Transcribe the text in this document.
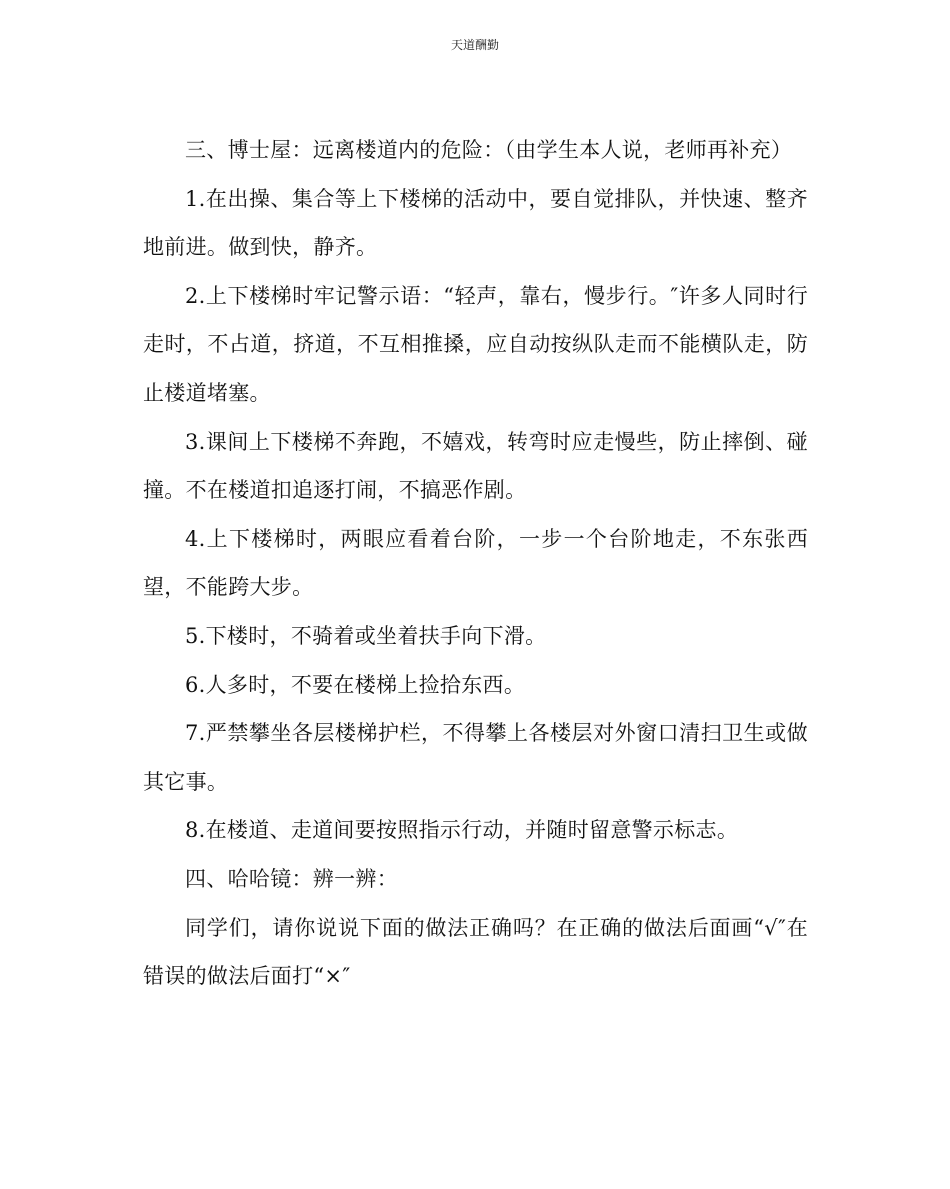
天道酬勤

三、博士屋：远离楼道内的危险：（由学生本人说，老师再补充）

1.在出操、集合等上下楼梯的活动中，要自觉排队，并快速、整齐地前进。做到快，静齐。

2.上下楼梯时牢记警示语：“轻声，靠右，慢步行。″许多人同时行走时，不占道，挤道，不互相推搡，应自动按纵队走而不能横队走，防止楼道堵塞。

3.课间上下楼梯不奔跑，不嬉戏，转弯时应走慢些，防止摔倒、碰撞。不在楼道扣追逐打闹，不搞恶作剧。

4.上下楼梯时，两眼应看着台阶，一步一个台阶地走，不东张西望，不能跨大步。

5.下楼时，不骑着或坐着扶手向下滑。

6.人多时，不要在楼梯上捡拾东西。

7.严禁攀坐各层楼梯护栏，不得攀上各楼层对外窗口清扫卫生或做其它事。

8.在楼道、走道间要按照指示行动，并随时留意警示标志。

四、哈哈镜：辨一辨：

同学们，请你说说下面的做法正确吗？在正确的做法后面画“√″在错误的做法后面打“×″
